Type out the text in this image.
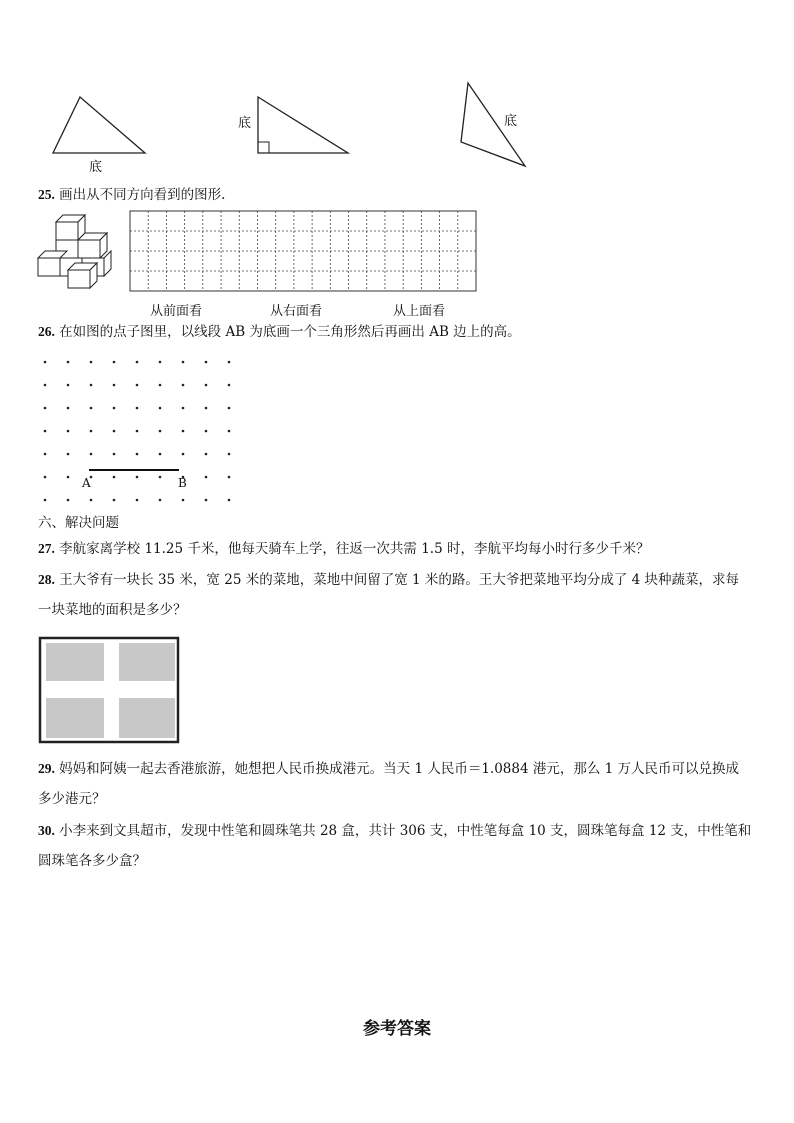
底
底	底
25. 画出从不同方向看到的图形.
从前面看	从右面看	从上面看
26. 在如图的点子图里，以线段 AB 为底画一个三角形然后再画出 AB 边上的高。
A	B
六、解决问题
27. 李航家离学校 11.25 千米，他每天骑车上学，往返一次共需 1.5 时，李航平均每小时行多少千米？
28. 王大爷有一块长 35 米，宽 25 米的菜地，菜地中间留了宽 1 米的路。王大爷把菜地平均分成了 4 块种蔬菜，求每
一块菜地的面积是多少？
29. 妈妈和阿姨一起去香港旅游，她想把人民币换成港元。当天 1 人民币＝1.0884 港元，那么 1 万人民币可以兑换成
多少港元？
30. 小李来到文具超市，发现中性笔和圆珠笔共 28 盒，共计 306 支，中性笔每盒 10 支，圆珠笔每盒 12 支，中性笔和
圆珠笔各多少盒？
参考答案
